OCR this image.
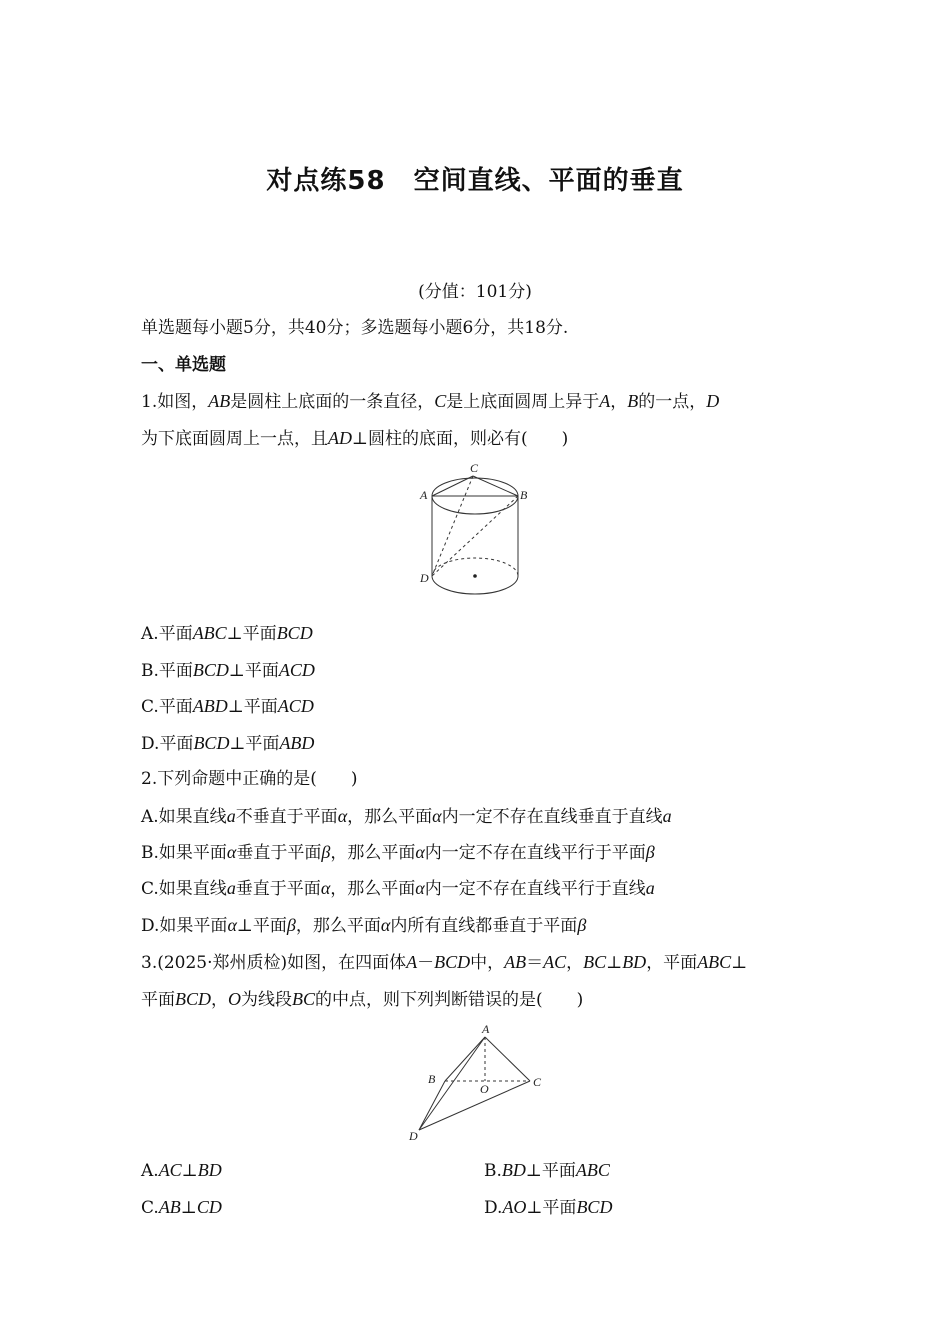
对点练58 空间直线、平面的垂直
(分值：101分)
单选题每小题5分，共40分；多选题每小题6分，共18分.
一、单选题
1.如图，AB是圆柱上底面的一条直径，C是上底面圆周上异于A，B的一点，D
为下底面圆周上一点，且AD⊥圆柱的底面，则必有(　　)
A	B
C
D
A.平面ABC⊥平面BCD
B.平面BCD⊥平面ACD
C.平面ABD⊥平面ACD
D.平面BCD⊥平面ABD
2.下列命题中正确的是(　　)
A.如果直线a不垂直于平面α，那么平面α内一定不存在直线垂直于直线a
B.如果平面α垂直于平面β，那么平面α内一定不存在直线平行于平面β
C.如果直线a垂直于平面α，那么平面α内一定不存在直线平行于直线a
D.如果平面α⊥平面β，那么平面α内所有直线都垂直于平面β
3.(2025·郑州质检)如图，在四面体A－BCD中，AB＝AC，BC⊥BD，平面ABC⊥
平面BCD，O为线段BC的中点，则下列判断错误的是(　　)
A
B	C
D
O
A.AC⊥BD	B.BD⊥平面ABC
C.AB⊥CD	D.AO⊥平面BCD
